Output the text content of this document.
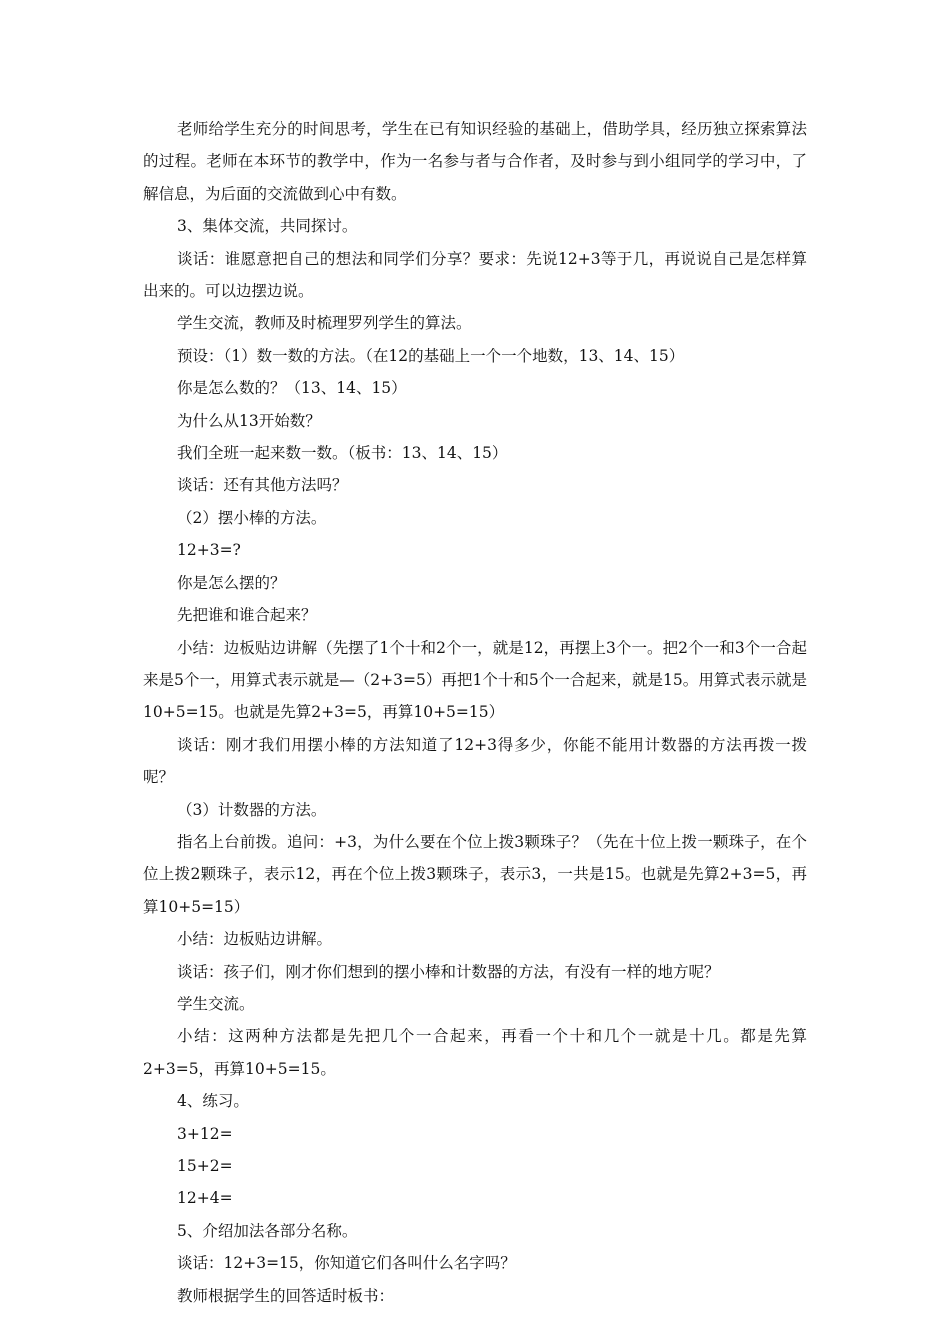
老师给学生充分的时间思考，学生在已有知识经验的基础上，借助学具，经历独立探索算法的过程。老师在本环节的教学中，作为一名参与者与合作者，及时参与到小组同学的学习中，了解信息，为后面的交流做到心中有数。

3、集体交流，共同探讨。

谈话：谁愿意把自己的想法和同学们分享？要求：先说12+3等于几，再说说自己是怎样算出来的。可以边摆边说。

学生交流，教师及时梳理罗列学生的算法。

预设：（1）数一数的方法。（在12的基础上一个一个地数，13、14、15）

你是怎么数的？（13、14、15）

为什么从13开始数？

我们全班一起来数一数。（板书：13、14、15）

谈话：还有其他方法吗？

（2）摆小棒的方法。

12+3=?

你是怎么摆的？

先把谁和谁合起来？

小结：边板贴边讲解（先摆了1个十和2个一，就是12，再摆上3个一。把2个一和3个一合起来是5个一，用算式表示就是—（2+3=5）再把1个十和5个一合起来，就是15。用算式表示就是10+5=15。也就是先算2+3=5，再算10+5=15）

谈话：刚才我们用摆小棒的方法知道了12+3得多少，你能不能用计数器的方法再拨一拨呢？

（3）计数器的方法。

指名上台前拨。追问：+3，为什么要在个位上拨3颗珠子？（先在十位上拨一颗珠子，在个位上拨2颗珠子，表示12，再在个位上拨3颗珠子，表示3，一共是15。也就是先算2+3=5，再算10+5=15）

小结：边板贴边讲解。

谈话：孩子们，刚才你们想到的摆小棒和计数器的方法，有没有一样的地方呢？

学生交流。

小结：这两种方法都是先把几个一合起来，再看一个十和几个一就是十几。都是先算2+3=5，再算10+5=15。

4、练习。

3+12=

15+2=

12+4=

5、介绍加法各部分名称。

谈话：12+3=15，你知道它们各叫什么名字吗？

教师根据学生的回答适时板书：
